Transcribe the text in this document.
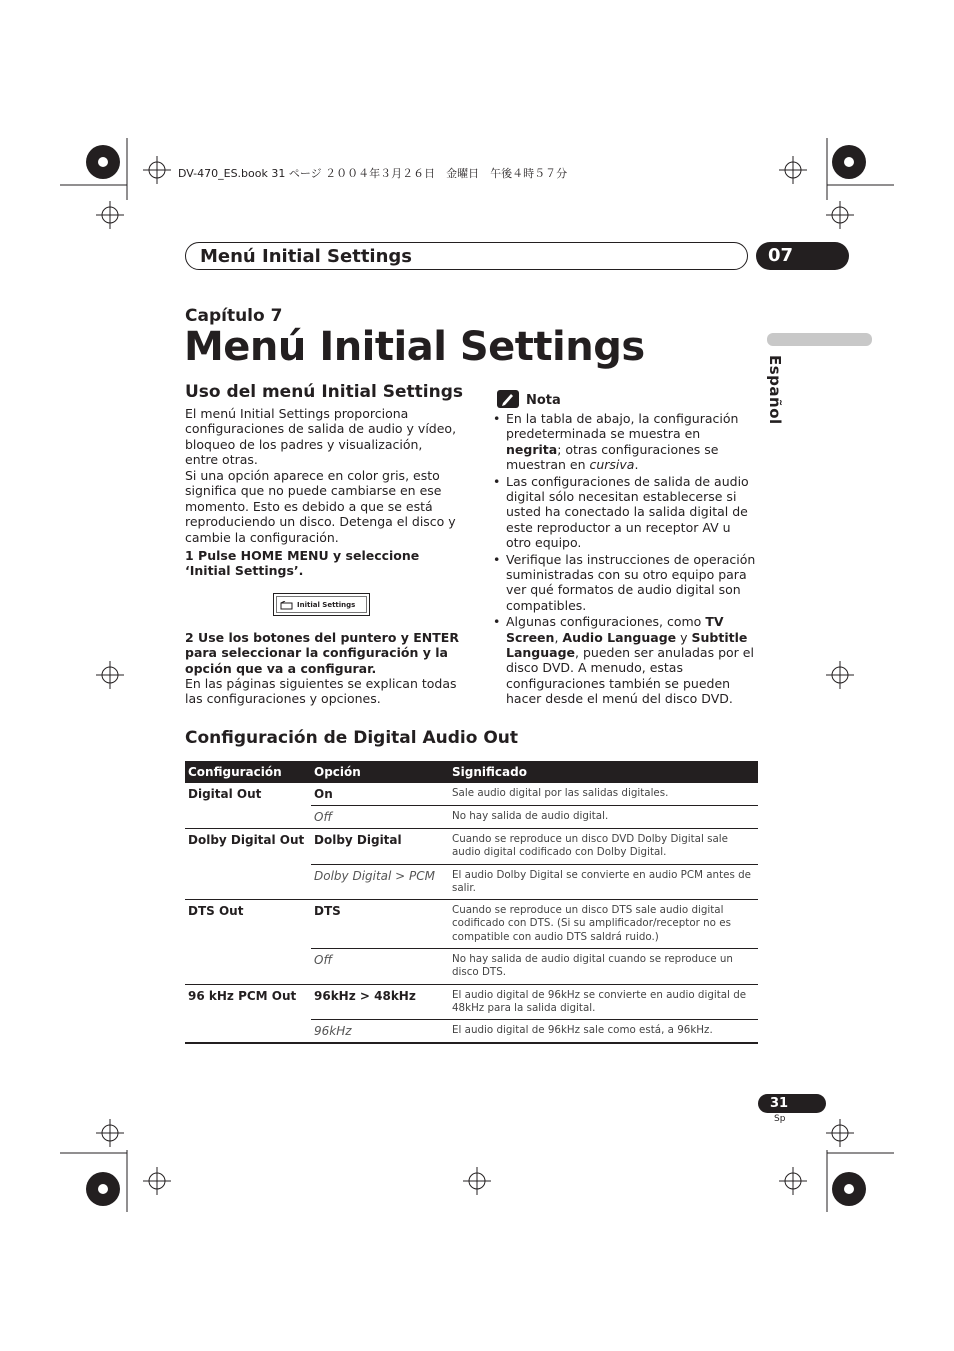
DV-470_ES.book 31 ページ ２００４年３月２６日　金曜日　午後４時５７分
Menú Initial Settings	07
Español
Capítulo 7
Menú Initial Settings
Uso del menú Initial Settings
El menú Initial Settings proporciona configuraciones de salida de audio y vídeo, bloqueo de los padres y visualización, entre otras.
Si una opción aparece en color gris, esto significa que no puede cambiarse en ese momento. Esto es debido a que se está reproduciendo un disco. Detenga el disco y cambie la configuración.
1 Pulse HOME MENU y seleccione ‘Initial Settings’.
Initial Settings
2 Use los botones del puntero y ENTER para seleccionar la configuración y la opción que va a configurar.
En las páginas siguientes se explican todas las configuraciones y opciones.
Nota
• En la tabla de abajo, la configuración predeterminada se muestra en negrita; otras configuraciones se muestran en cursiva.
• Las configuraciones de salida de audio digital sólo necesitan establecerse si usted ha conectado la salida digital de este reproductor a un receptor AV u otro equipo.
• Verifique las instrucciones de operación suministradas con su otro equipo para ver qué formatos de audio digital son compatibles.
• Algunas configuraciones, como TV Screen, Audio Language y Subtitle Language, pueden ser anuladas por el disco DVD. A menudo, estas configuraciones también se pueden hacer desde el menú del disco DVD.
Configuración de Digital Audio Out
Configuración	Opción	Significado
Digital Out	On	Sale audio digital por las salidas digitales.
	Off	No hay salida de audio digital.
Dolby Digital Out	Dolby Digital	Cuando se reproduce un disco DVD Dolby Digital sale audio digital codificado con Dolby Digital.
	Dolby Digital > PCM	El audio Dolby Digital se convierte en audio PCM antes de salir.
DTS Out	DTS	Cuando se reproduce un disco DTS sale audio digital codificado con DTS. (Si su amplificador/receptor no es compatible con audio DTS saldrá ruido.)
	Off	No hay salida de audio digital cuando se reproduce un disco DTS.
96 kHz PCM Out	96kHz > 48kHz	El audio digital de 96kHz se convierte en audio digital de 48kHz para la salida digital.
	96kHz	El audio digital de 96kHz sale como está, a 96kHz.
31
Sp
